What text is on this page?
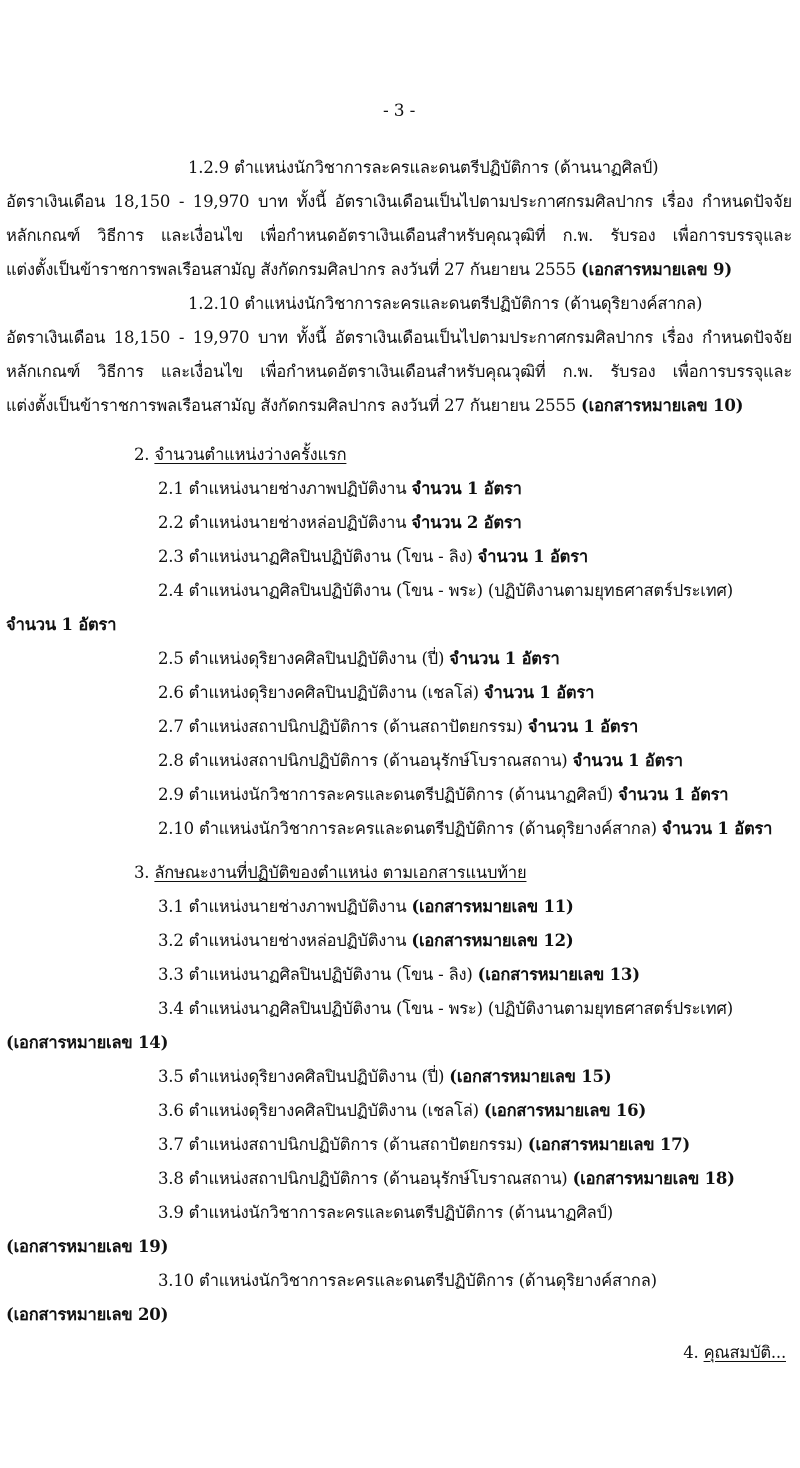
- 3 -
1.2.9 ตำแหน่งนักวิชาการละครและดนตรีปฏิบัติการ (ด้านนาฏศิลป์)
อัตราเงินเดือน 18,150 - 19,970 บาท ทั้งนี้ อัตราเงินเดือนเป็นไปตามประกาศกรมศิลปากร เรื่อง กำหนดปัจจัย
หลักเกณฑ์ วิธีการ และเงื่อนไข เพื่อกำหนดอัตราเงินเดือนสำหรับคุณวุฒิที่ ก.พ. รับรอง เพื่อการบรรจุและ
แต่งตั้งเป็นข้าราชการพลเรือนสามัญ สังกัดกรมศิลปากร ลงวันที่ 27 กันยายน 2555 (เอกสารหมายเลข 9)
1.2.10 ตำแหน่งนักวิชาการละครและดนตรีปฏิบัติการ (ด้านดุริยางค์สากล)
อัตราเงินเดือน 18,150 - 19,970 บาท ทั้งนี้ อัตราเงินเดือนเป็นไปตามประกาศกรมศิลปากร เรื่อง กำหนดปัจจัย
หลักเกณฑ์ วิธีการ และเงื่อนไข เพื่อกำหนดอัตราเงินเดือนสำหรับคุณวุฒิที่ ก.พ. รับรอง เพื่อการบรรจุและ
แต่งตั้งเป็นข้าราชการพลเรือนสามัญ สังกัดกรมศิลปากร ลงวันที่ 27 กันยายน 2555 (เอกสารหมายเลข 10)
2. จำนวนตำแหน่งว่างครั้งแรก
2.1 ตำแหน่งนายช่างภาพปฏิบัติงาน จำนวน 1 อัตรา
2.2 ตำแหน่งนายช่างหล่อปฏิบัติงาน จำนวน 2 อัตรา
2.3 ตำแหน่งนาฏศิลปินปฏิบัติงาน (โขน - ลิง) จำนวน 1 อัตรา
2.4 ตำแหน่งนาฏศิลปินปฏิบัติงาน (โขน - พระ) (ปฏิบัติงานตามยุทธศาสตร์ประเทศ)
จำนวน 1 อัตรา
2.5 ตำแหน่งดุริยางคศิลปินปฏิบัติงาน (ปี่) จำนวน 1 อัตรา
2.6 ตำแหน่งดุริยางคศิลปินปฏิบัติงาน (เชลโล่) จำนวน 1 อัตรา
2.7 ตำแหน่งสถาปนิกปฏิบัติการ (ด้านสถาปัตยกรรม) จำนวน 1 อัตรา
2.8 ตำแหน่งสถาปนิกปฏิบัติการ (ด้านอนุรักษ์โบราณสถาน) จำนวน 1 อัตรา
2.9 ตำแหน่งนักวิชาการละครและดนตรีปฏิบัติการ (ด้านนาฏศิลป์) จำนวน 1 อัตรา
2.10 ตำแหน่งนักวิชาการละครและดนตรีปฏิบัติการ (ด้านดุริยางค์สากล) จำนวน 1 อัตรา
3. ลักษณะงานที่ปฏิบัติของตำแหน่ง ตามเอกสารแนบท้าย
3.1 ตำแหน่งนายช่างภาพปฏิบัติงาน (เอกสารหมายเลข 11)
3.2 ตำแหน่งนายช่างหล่อปฏิบัติงาน (เอกสารหมายเลข 12)
3.3 ตำแหน่งนาฏศิลปินปฏิบัติงาน (โขน - ลิง) (เอกสารหมายเลข 13)
3.4 ตำแหน่งนาฏศิลปินปฏิบัติงาน (โขน - พระ) (ปฏิบัติงานตามยุทธศาสตร์ประเทศ)
(เอกสารหมายเลข 14)
3.5 ตำแหน่งดุริยางคศิลปินปฏิบัติงาน (ปี่) (เอกสารหมายเลข 15)
3.6 ตำแหน่งดุริยางคศิลปินปฏิบัติงาน (เชลโล่) (เอกสารหมายเลข 16)
3.7 ตำแหน่งสถาปนิกปฏิบัติการ (ด้านสถาปัตยกรรม) (เอกสารหมายเลข 17)
3.8 ตำแหน่งสถาปนิกปฏิบัติการ (ด้านอนุรักษ์โบราณสถาน) (เอกสารหมายเลข 18)
3.9 ตำแหน่งนักวิชาการละครและดนตรีปฏิบัติการ (ด้านนาฏศิลป์)
(เอกสารหมายเลข 19)
3.10 ตำแหน่งนักวิชาการละครและดนตรีปฏิบัติการ (ด้านดุริยางค์สากล)
(เอกสารหมายเลข 20)
4. คุณสมบัติ...
